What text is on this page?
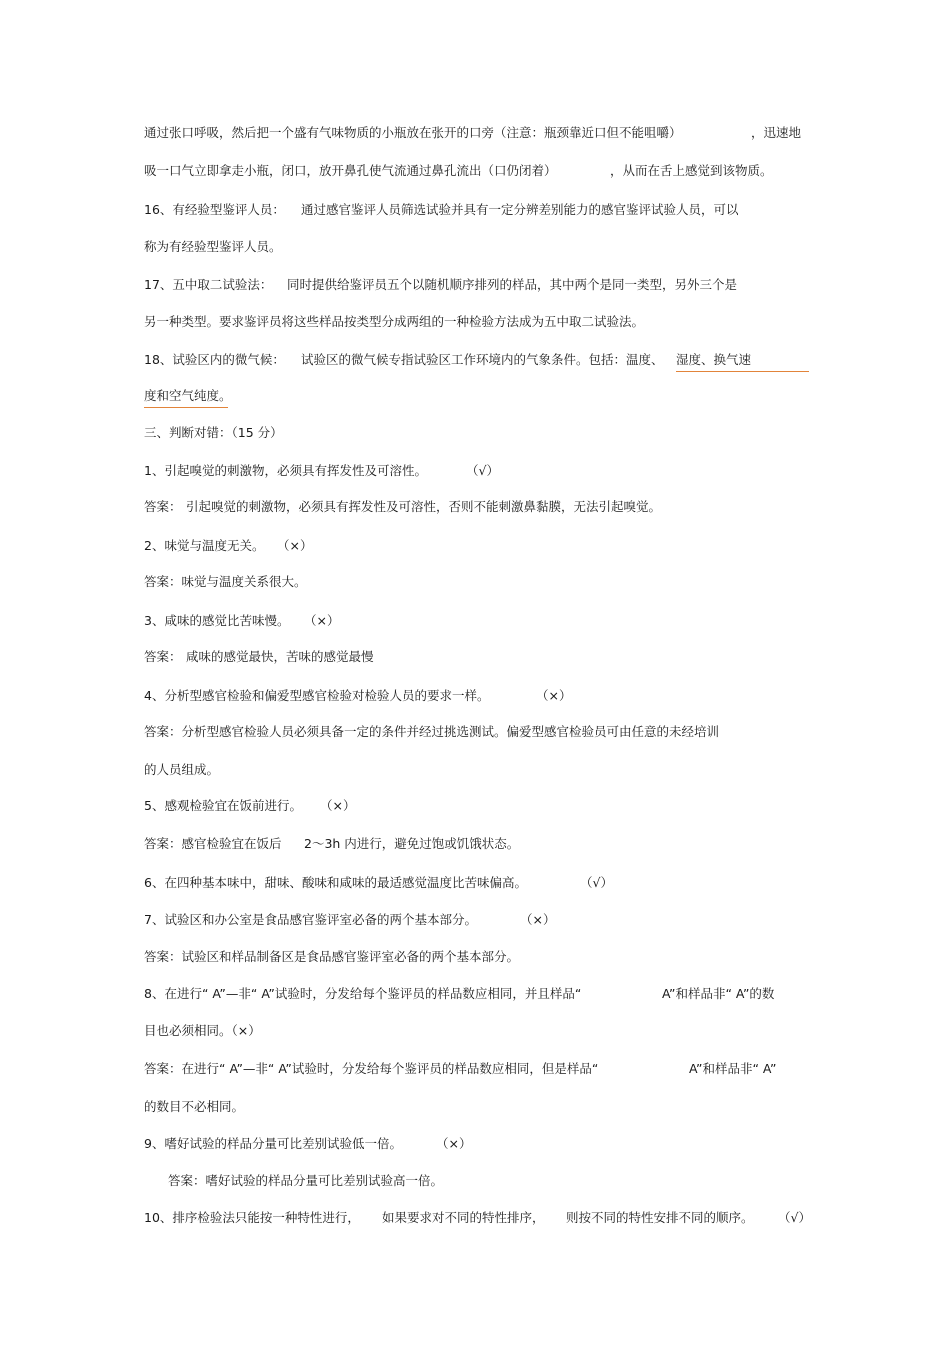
通过张口呼吸，然后把一个盛有气味物质的小瓶放在张开的口旁（注意：瓶颈靠近口但不能咀嚼）	，迅速地
吸一口气立即拿走小瓶，闭口，放开鼻孔使气流通过鼻孔流出（口仍闭着）	，从而在舌上感觉到该物质。
16、有经验型鉴评人员： 通过感官鉴评人员筛选试验并具有一定分辨差别能力的感官鉴评试验人员，可以
称为有经验型鉴评人员。
17、五中取二试验法： 同时提供给鉴评员五个以随机顺序排列的样品，其中两个是同一类型，另外三个是
另一种类型。要求鉴评员将这些样品按类型分成两组的一种检验方法成为五中取二试验法。
18、试验区内的微气候： 试验区的微气候专指试验区工作环境内的气象条件。包括：温度、 湿度、换气速
度和空气纯度。
三、判断对错：（15 分）
1、引起嗅觉的刺激物，必须具有挥发性及可溶性。	（√）
答案： 引起嗅觉的刺激物，必须具有挥发性及可溶性，否则不能刺激鼻黏膜，无法引起嗅觉。
2、味觉与温度无关。 （×）
答案：味觉与温度关系很大。
3、咸味的感觉比苦味慢。 （×）
答案： 咸味的感觉最快，苦味的感觉最慢
4、分析型感官检验和偏爱型感官检验对检验人员的要求一样。	（×）
答案：分析型感官检验人员必须具备一定的条件并经过挑选测试。偏爱型感官检验员可由任意的未经培训
的人员组成。
5、感观检验宜在饭前进行。 （×）
答案：感官检验宜在饭后 2～3h 内进行，避免过饱或饥饿状态。
6、在四种基本味中，甜味、酸味和咸味的最适感觉温度比苦味偏高。	（√）
7、试验区和办公室是食品感官鉴评室必备的两个基本部分。	（×）
答案：试验区和样品制备区是食品感官鉴评室必备的两个基本部分。
8、在进行“ A”—非“ A”试验时，分发给每个鉴评员的样品数应相同，并且样品“	A”和样品非“ A”的数
目也必须相同。（×）
答案：在进行“ A”—非“ A”试验时，分发给每个鉴评员的样品数应相同，但是样品“	A”和样品非“ A”
的数目不必相同。
9、嗜好试验的样品分量可比差别试验低一倍。	（×）
答案：嗜好试验的样品分量可比差别试验高一倍。
10、排序检验法只能按一种特性进行， 如果要求对不同的特性排序， 则按不同的特性安排不同的顺序。 （√）
